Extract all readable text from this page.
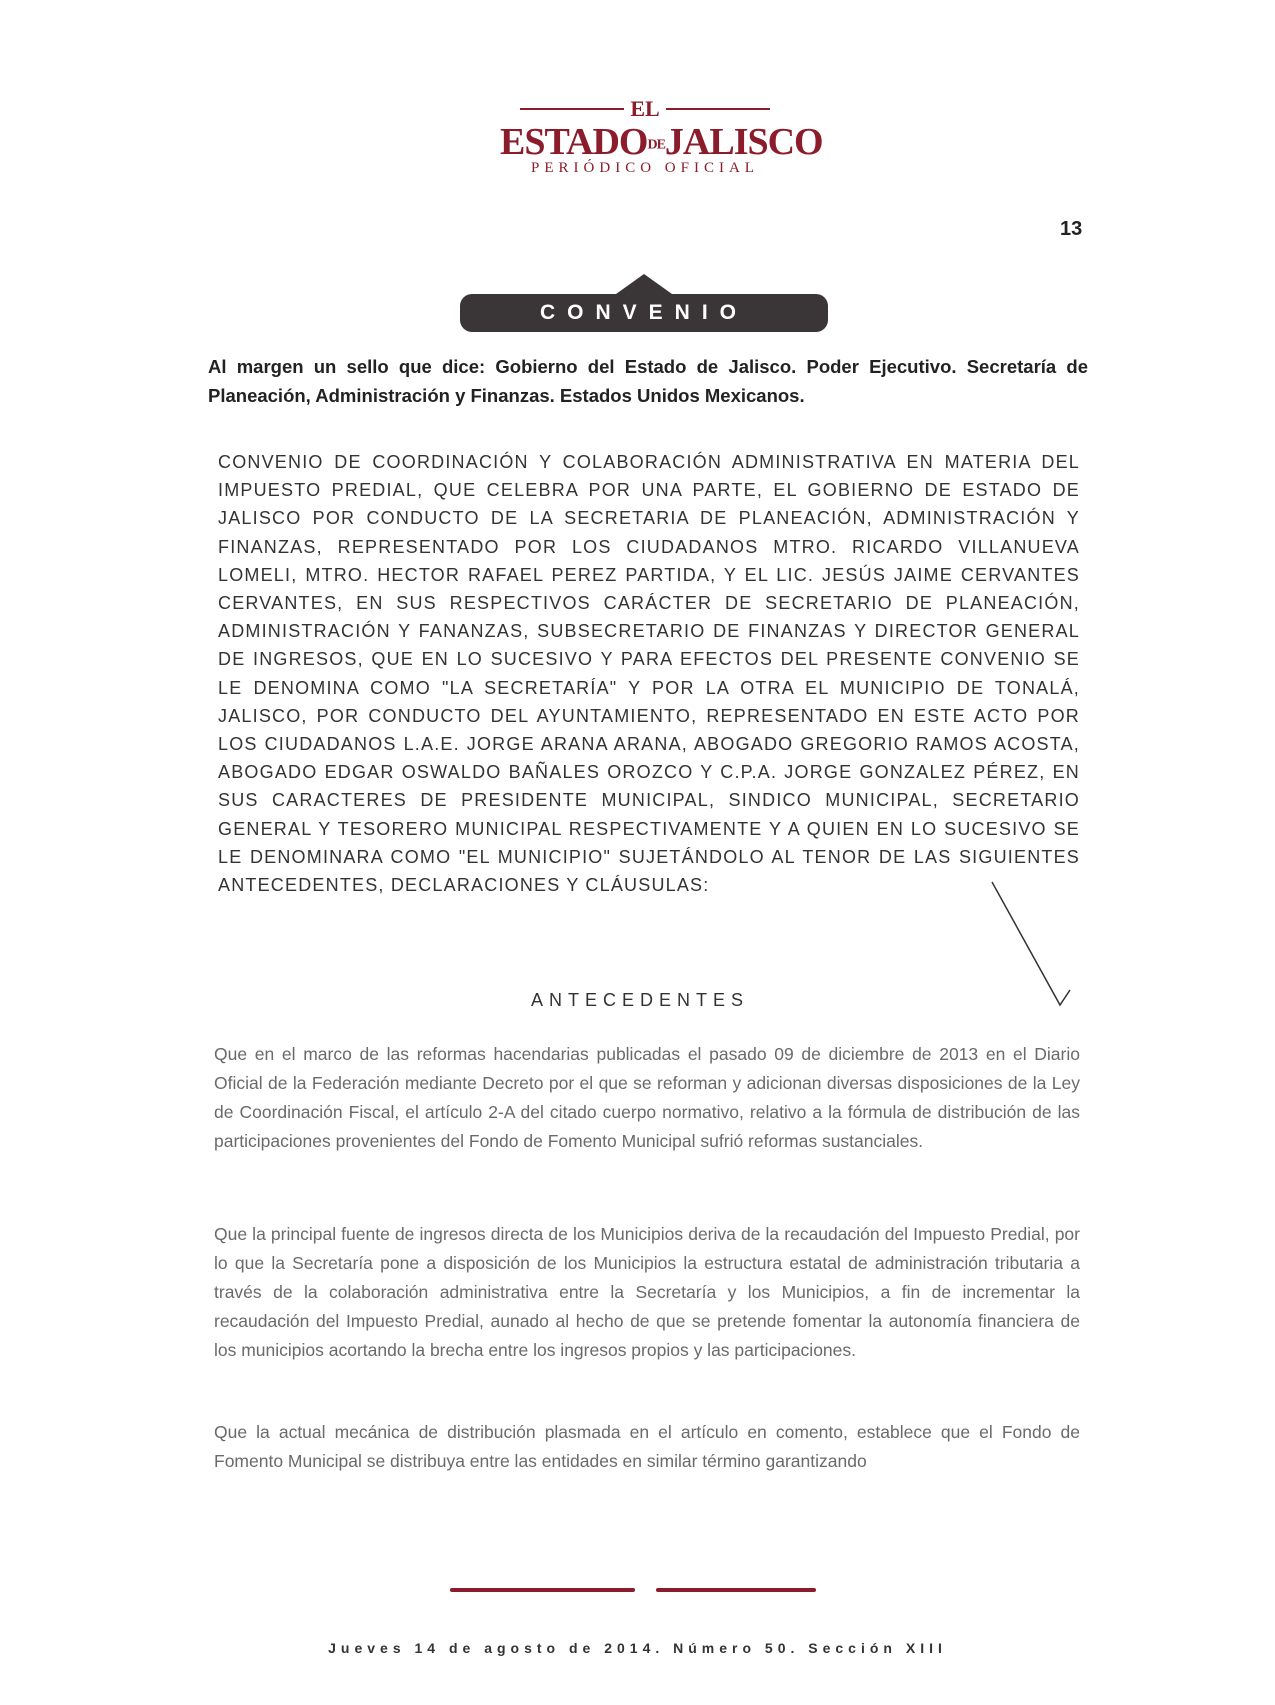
EL
ESTADODEJALISCO
PERIÓDICO OFICIAL
13
CONVENIO
Al margen un sello que dice: Gobierno del Estado de Jalisco. Poder Ejecutivo. Secretaría de Planeación, Administración y Finanzas. Estados Unidos Mexicanos.
CONVENIO DE COORDINACIÓN Y COLABORACIÓN ADMINISTRATIVA EN MATERIA DEL IMPUESTO PREDIAL, QUE CELEBRA POR UNA PARTE, EL GOBIERNO DE ESTADO DE JALISCO POR CONDUCTO DE LA SECRETARIA DE PLANEACIÓN, ADMINISTRACIÓN Y FINANZAS, REPRESENTADO POR LOS CIUDADANOS MTRO. RICARDO VILLANUEVA LOMELI, MTRO. HECTOR RAFAEL PEREZ PARTIDA, Y EL LIC. JESÚS JAIME CERVANTES CERVANTES, EN SUS RESPECTIVOS CARÁCTER DE SECRETARIO DE PLANEACIÓN, ADMINISTRACIÓN Y FANANZAS, SUBSECRETARIO DE FINANZAS Y DIRECTOR GENERAL DE INGRESOS, QUE EN LO SUCESIVO Y PARA EFECTOS DEL PRESENTE CONVENIO SE LE DENOMINA COMO "LA SECRETARÍA" Y POR LA OTRA EL MUNICIPIO DE TONALÁ, JALISCO, POR CONDUCTO DEL AYUNTAMIENTO, REPRESENTADO EN ESTE ACTO POR LOS CIUDADANOS L.A.E. JORGE ARANA ARANA, ABOGADO GREGORIO RAMOS ACOSTA, ABOGADO EDGAR OSWALDO BAÑALES OROZCO Y C.P.A. JORGE GONZALEZ PÉREZ, EN SUS CARACTERES DE PRESIDENTE MUNICIPAL, SINDICO MUNICIPAL, SECRETARIO GENERAL Y TESORERO MUNICIPAL RESPECTIVAMENTE Y A QUIEN EN LO SUCESIVO SE LE DENOMINARA COMO "EL MUNICIPIO" SUJETÁNDOLO AL TENOR DE LAS SIGUIENTES ANTECEDENTES, DECLARACIONES Y CLÁUSULAS:
ANTECEDENTES
Que en el marco de las reformas hacendarias publicadas el pasado 09 de diciembre de 2013 en el Diario Oficial de la Federación mediante Decreto por el que se reforman y adicionan diversas disposiciones de la Ley de Coordinación Fiscal, el artículo 2-A del citado cuerpo normativo, relativo a la fórmula de distribución de las participaciones provenientes del Fondo de Fomento Municipal sufrió reformas sustanciales.
Que la principal fuente de ingresos directa de los Municipios deriva de la recaudación del Impuesto Predial, por lo que la Secretaría pone a disposición de los Municipios la estructura estatal de administración tributaria a través de la colaboración administrativa entre la Secretaría y los Municipios, a fin de incrementar la recaudación del Impuesto Predial, aunado al hecho de que se pretende fomentar la autonomía financiera de los municipios acortando la brecha entre los ingresos propios y las participaciones.
Que la actual mecánica de distribución plasmada en el artículo en comento, establece que el Fondo de Fomento Municipal se distribuya entre las entidades en similar término garantizando
Jueves 14 de agosto de 2014. Número 50. Sección XIII
